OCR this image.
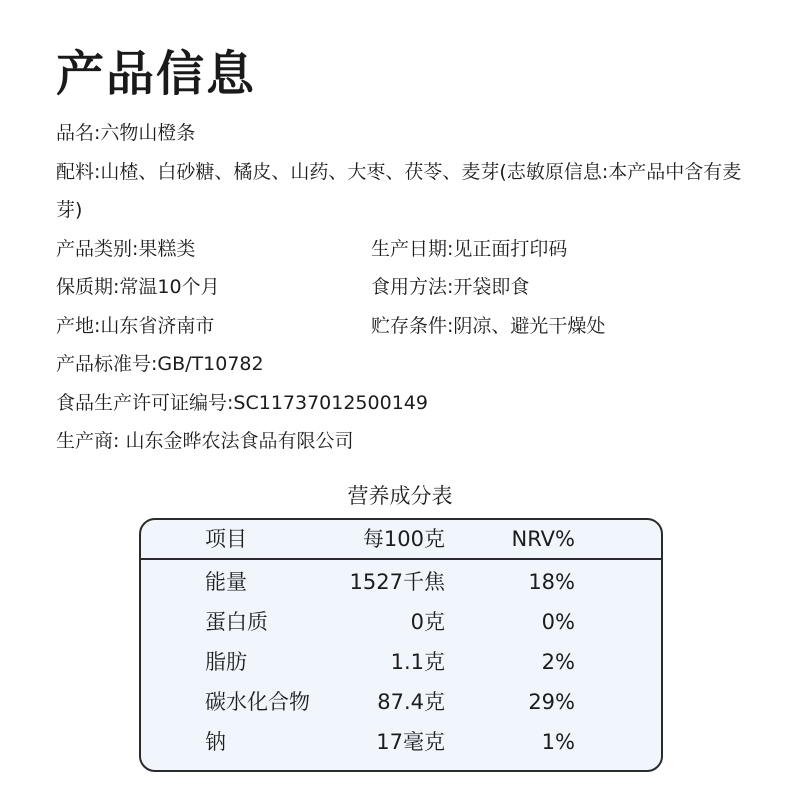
产品信息
品名:六物山橙条
配料:山楂、白砂糖、橘皮、山药、大枣、茯苓、麦芽(志敏原信息:本产品中含有麦芽)
产品类别:果糕类	生产日期:见正面打印码
保质期:常温10个月	食用方法:开袋即食
产地:山东省济南市	贮存条件:阴凉、避光干燥处
产品标准号:GB/T10782
食品生产许可证编号:SC11737012500149
生产商: 山东金晔农法食品有限公司
营养成分表
项目	每100克	NRV%
能量	1527千焦	18%
蛋白质	0克	0%
脂肪	1.1克	2%
碳水化合物	87.4克	29%
钠	17毫克	1%
